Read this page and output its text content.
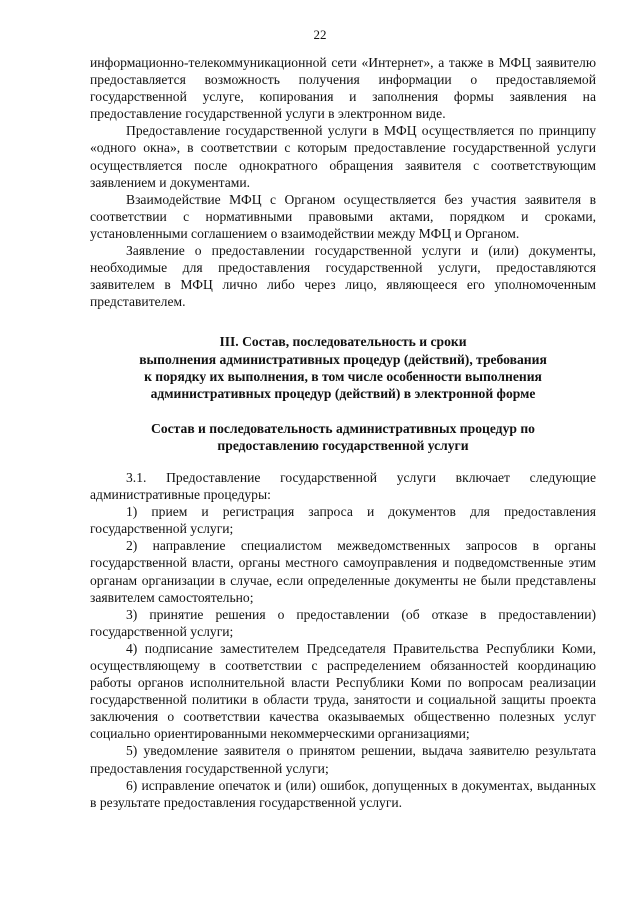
22

информационно-телекоммуникационной сети «Интернет», а также в МФЦ заявителю предоставляется возможность получения информации о предоставляемой государственной услуге, копирования и заполнения формы заявления на предоставление государственной услуги в электронном виде.

Предоставление государственной услуги в МФЦ осуществляется по принципу «одного окна», в соответствии с которым предоставление государственной услуги осуществляется после однократного обращения заявителя с соответствующим заявлением и документами.

Взаимодействие МФЦ с Органом осуществляется без участия заявителя в соответствии с нормативными правовыми актами, порядком и сроками, установленными соглашением о взаимодействии между МФЦ и Органом.

Заявление о предоставлении государственной услуги и (или) документы, необходимые для предоставления государственной услуги, предоставляются заявителем в МФЦ лично либо через лицо, являющееся его уполномоченным представителем.

III. Состав, последовательность и сроки

выполнения административных процедур (действий), требования

к порядку их выполнения, в том числе особенности выполнения

административных процедур (действий) в электронной форме

Состав и последовательность административных процедур по

предоставлению государственной услуги

3.1. Предоставление государственной услуги включает следующие административные процедуры:

1) прием и регистрация запроса и документов для предоставления государственной услуги;

2) направление специалистом межведомственных запросов в органы государственной власти, органы местного самоуправления и подведомственные этим органам организации в случае, если определенные документы не были представлены заявителем самостоятельно;

3) принятие решения о предоставлении (об отказе в предоставлении) государственной услуги;

4) подписание заместителем Председателя Правительства Республики Коми, осуществляющему в соответствии с распределением обязанностей координацию работы органов исполнительной власти Республики Коми по вопросам реализации государственной политики в области труда, занятости и социальной защиты проекта заключения о соответствии качества оказываемых общественно полезных услуг социально ориентированными некоммерческими организациями;

5) уведомление заявителя о принятом решении, выдача заявителю результата предоставления государственной услуги;

6) исправление опечаток и (или) ошибок, допущенных в документах, выданных в результате предоставления государственной услуги.
